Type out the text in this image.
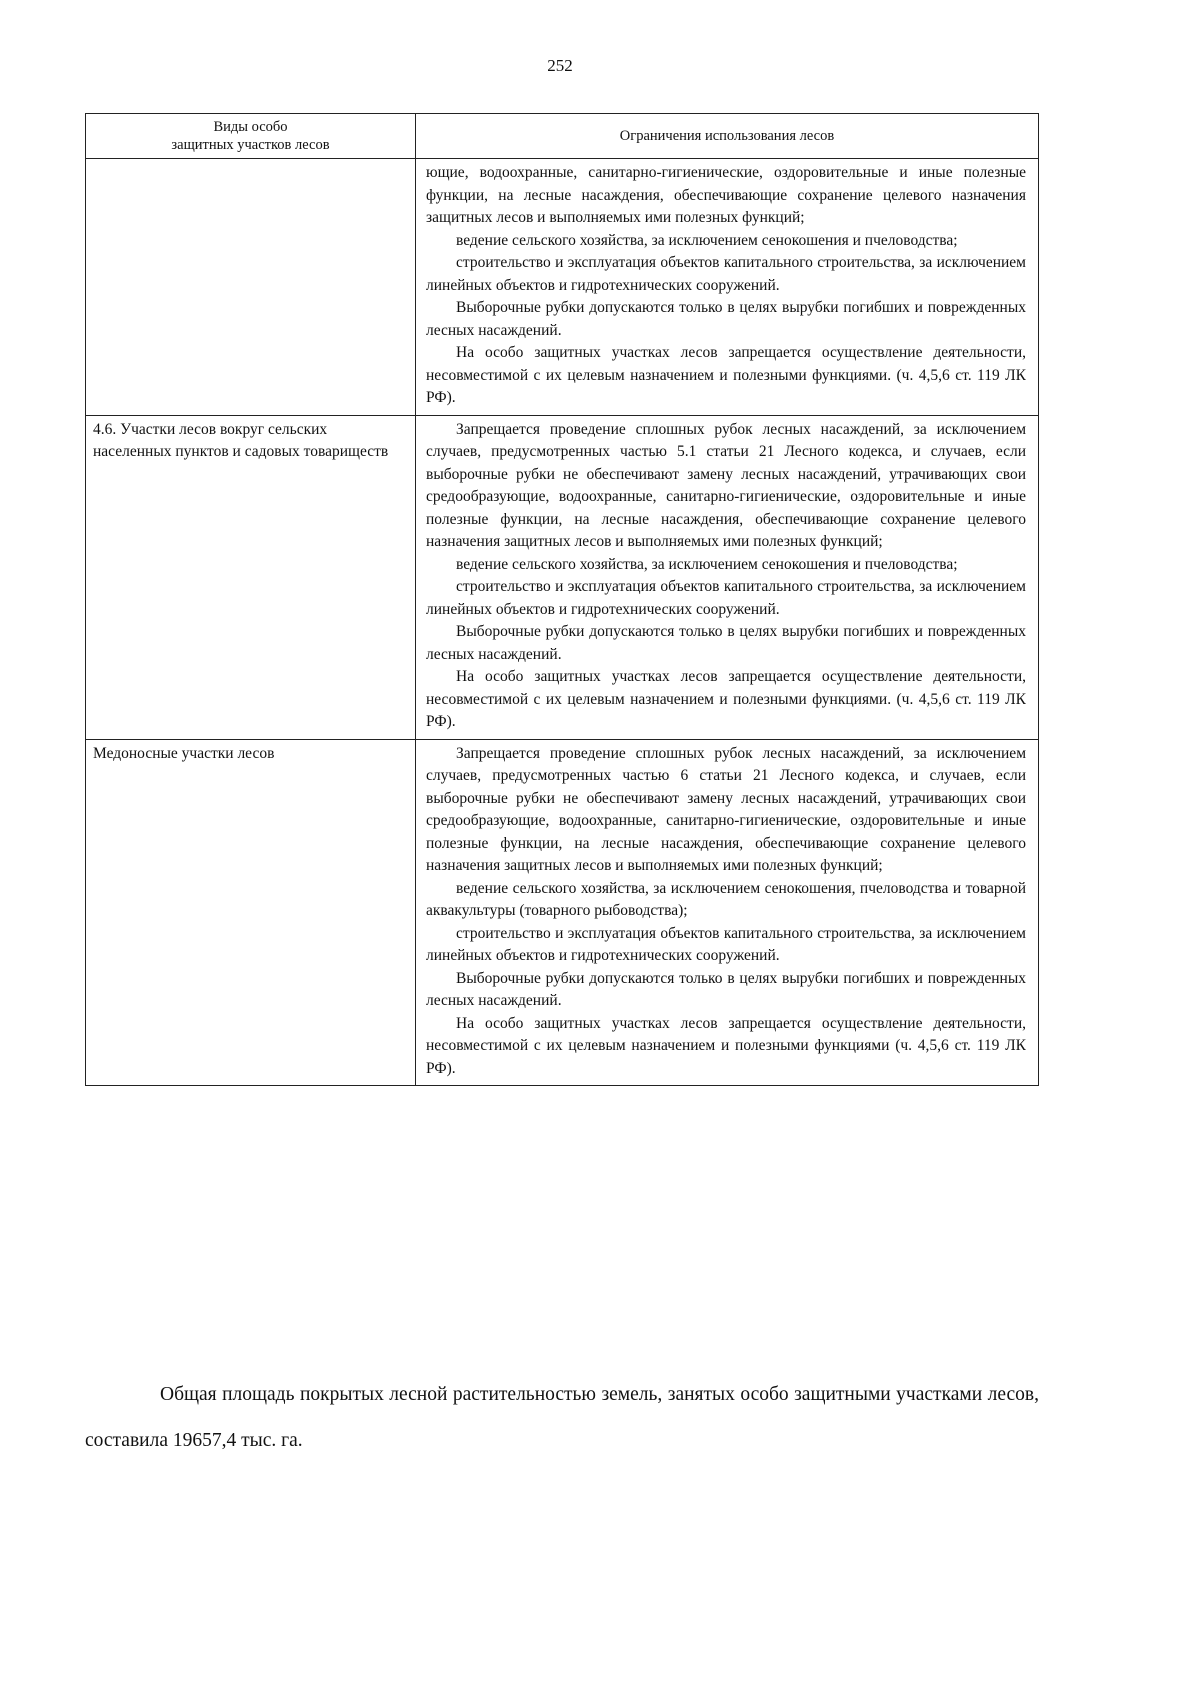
252
Виды особо
защитных участков лесов	Ограничения использования лесов

	ющие, водоохранные, санитарно-гигиенические, оздоровительные и иные полезные функции, на лесные насаждения, обеспечивающие сохранение целевого назначения защитных лесов и выполняемых ими полезных функций;

ведение сельского хозяйства, за исключением сенокошения и пчеловодства;

строительство и эксплуатация объектов капитального строительства, за исключением линейных объектов и гидротехнических сооружений.

Выборочные рубки допускаются только в целях вырубки погибших и поврежденных лесных насаждений.

На особо защитных участках лесов запрещается осуществление деятельности, несовместимой с их целевым назначением и полезными функциями. (ч. 4,5,6 ст. 119 ЛК РФ).

4.6. Участки лесов вокруг сельских населенных пунктов и садовых товариществ	Запрещается проведение сплошных рубок лесных насаждений, за исключением случаев, предусмотренных частью 5.1 статьи 21 Лесного кодекса, и случаев, если выборочные рубки не обеспечивают замену лесных насаждений, утрачивающих свои средообразующие, водоохранные, санитарно-гигиенические, оздоровительные и иные полезные функции, на лесные насаждения, обеспечивающие сохранение целевого назначения защитных лесов и выполняемых ими полезных функций;

ведение сельского хозяйства, за исключением сенокошения и пчеловодства;

строительство и эксплуатация объектов капитального строительства, за исключением линейных объектов и гидротехнических сооружений.

Выборочные рубки допускаются только в целях вырубки погибших и поврежденных лесных насаждений.

На особо защитных участках лесов запрещается осуществление деятельности, несовместимой с их целевым назначением и полезными функциями. (ч. 4,5,6 ст. 119 ЛК РФ).

Медоносные участки лесов	Запрещается проведение сплошных рубок лесных насаждений, за исключением случаев, предусмотренных частью 6 статьи 21 Лесного кодекса, и случаев, если выборочные рубки не обеспечивают замену лесных насаждений, утрачивающих свои средообразующие, водоохранные, санитарно-гигиенические, оздоровительные и иные полезные функции, на лесные насаждения, обеспечивающие сохранение целевого назначения защитных лесов и выполняемых ими полезных функций;

ведение сельского хозяйства, за исключением сенокошения, пчеловодства и товарной аквакультуры (товарного рыбоводства);

строительство и эксплуатация объектов капитального строительства, за исключением линейных объектов и гидротехнических сооружений.

Выборочные рубки допускаются только в целях вырубки погибших и поврежденных лесных насаждений.

На особо защитных участках лесов запрещается осуществление деятельности, несовместимой с их целевым назначением и полезными функциями (ч. 4,5,6 ст. 119 ЛК РФ).

Общая площадь покрытых лесной растительностью земель, занятых особо защитными участками лесов, составила 19657,4 тыс. га.
